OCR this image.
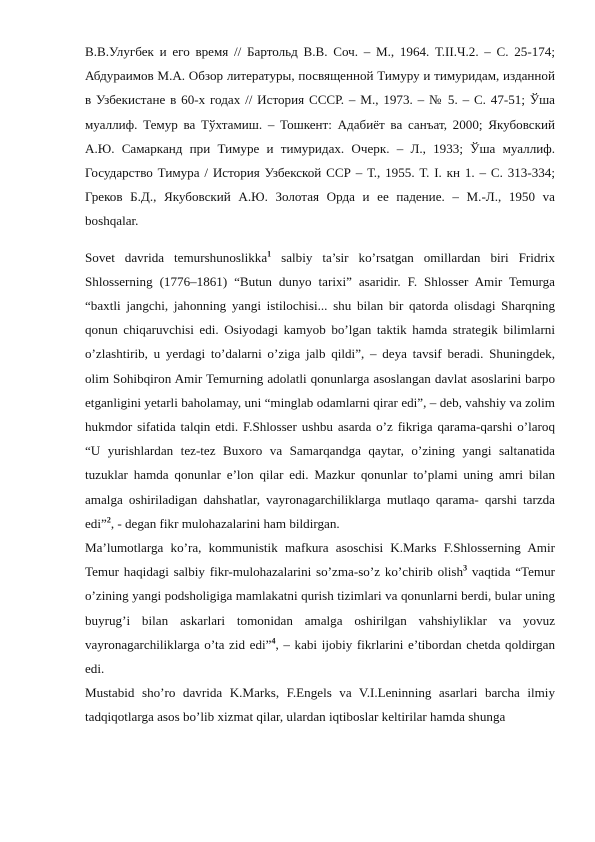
В.В.Улугбек и его время // Бартольд В.В. Соч. – М., 1964. Т.II.Ч.2. – С. 25-174; Абдураимов М.А. Обзор литературы, посвященной Тимуру и тимуридам, изданной в Узбекистане в 60-х годах // История СССР. – М., 1973. – № 5. – С. 47-51; Ўша муаллиф. Темур ва Тўхтамиш. – Тошкент: Адабиёт ва санъат, 2000; Якубовский А.Ю. Самарканд при Тимуре и тимуридах. Очерк. – Л., 1933; Ўша муаллиф. Государство Тимура / История Узбекской ССР – Т., 1955. Т. I. кн 1. – С. 313-334; Греков Б.Д., Якубовский А.Ю. Золотая Орда и ее падение. – М.-Л., 1950 va boshqalar.

Sovet davrida temurshunoslikka$^1$ salbiy ta’sir ko’rsatgan omillardan biri Fridrix Shlosserning (1776–1861) “Butun dunyo tarixi” asaridir. F. Shlosser Amir Temurga “baxtli jangchi, jahonning yangi istilochisi... shu bilan bir qatorda olisdagi Sharqning qonun chiqaruvchisi edi. Osiyodagi kamyob bo’lgan taktik hamda strategik bilimlarni o’zlashtirib, u yerdagi to’dalarni o’ziga jalb qildi”, – deya tavsif beradi. Shuningdek, olim Sohibqiron Amir Temurning adolatli qonunlarga asoslangan davlat asoslarini barpo etganligini yetarli baholamay, uni “minglab odamlarni qirar edi”, – deb, vahshiy va zolim hukmdor sifatida talqin etdi. F.Shlosser ushbu asarda o’z fikriga qarama-qarshi o’laroq “U yurishlardan tez-tez Buxoro va Samarqandga qaytar, o’zining yangi saltanatida tuzuklar hamda qonunlar e’lon qilar edi. Mazkur qonunlar to’plami uning amri bilan amalga oshiriladigan dahshatlar, vayronagarchiliklarga mutlaqo qarama- qarshi tarzda edi”$^2$, - degan fikr mulohazalarini ham bildirgan.

Ma’lumotlarga ko’ra, kommunistik mafkura asoschisi K.Marks F.Shlosserning Amir Temur haqidagi salbiy fikr-mulohazalarini so’zma-so’z ko’chirib olish$^3$ vaqtida “Temur o’zining yangi podsholigiga mamlakatni qurish tizimlari va qonunlarni berdi, bular uning buyrug’i bilan askarlari tomonidan amalga oshirilgan vahshiyliklar va yovuz vayronagarchiliklarga o’ta zid edi”$^4$, – kabi ijobiy fikrlarini e’tibordan chetda qoldirgan edi.

Mustabid sho’ro davrida K.Marks, F.Engels va V.I.Leninning asarlari barcha ilmiy tadqiqotlarga asos bo’lib xizmat qilar, ulardan iqtiboslar keltirilar hamda shunga
